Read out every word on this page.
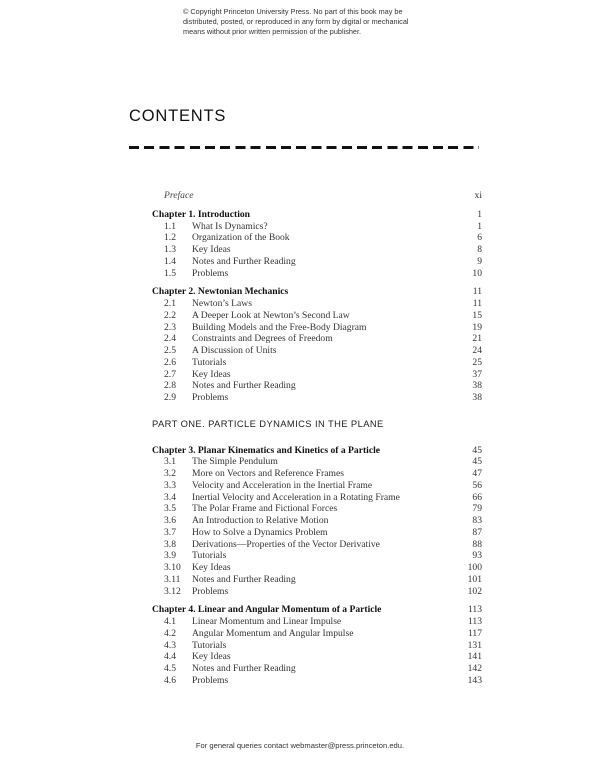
© Copyright Princeton University Press. No part of this book may be
distributed, posted, or reproduced in any form by digital or mechanical
means without prior written permission of the publisher.
CONTENTS
Preface	xi
Chapter 1. Introduction	1
1.1 What Is Dynamics?	1
1.2 Organization of the Book	6
1.3 Key Ideas	8
1.4 Notes and Further Reading	9
1.5 Problems	10
Chapter 2. Newtonian Mechanics	11
2.1 Newton’s Laws	11
2.2 A Deeper Look at Newton’s Second Law	15
2.3 Building Models and the Free-Body Diagram	19
2.4 Constraints and Degrees of Freedom	21
2.5 A Discussion of Units	24
2.6 Tutorials	25
2.7 Key Ideas	37
2.8 Notes and Further Reading	38
2.9 Problems	38
PART ONE. PARTICLE DYNAMICS IN THE PLANE
Chapter 3. Planar Kinematics and Kinetics of a Particle	45
3.1 The Simple Pendulum	45
3.2 More on Vectors and Reference Frames	47
3.3 Velocity and Acceleration in the Inertial Frame	56
3.4 Inertial Velocity and Acceleration in a Rotating Frame	66
3.5 The Polar Frame and Fictional Forces	79
3.6 An Introduction to Relative Motion	83
3.7 How to Solve a Dynamics Problem	87
3.8 Derivations—Properties of the Vector Derivative	88
3.9 Tutorials	93
3.10 Key Ideas	100
3.11 Notes and Further Reading	101
3.12 Problems	102
Chapter 4. Linear and Angular Momentum of a Particle	113
4.1 Linear Momentum and Linear Impulse	113
4.2 Angular Momentum and Angular Impulse	117
4.3 Tutorials	131
4.4 Key Ideas	141
4.5 Notes and Further Reading	142
4.6 Problems	143
For general queries contact webmaster@press.princeton.edu.
